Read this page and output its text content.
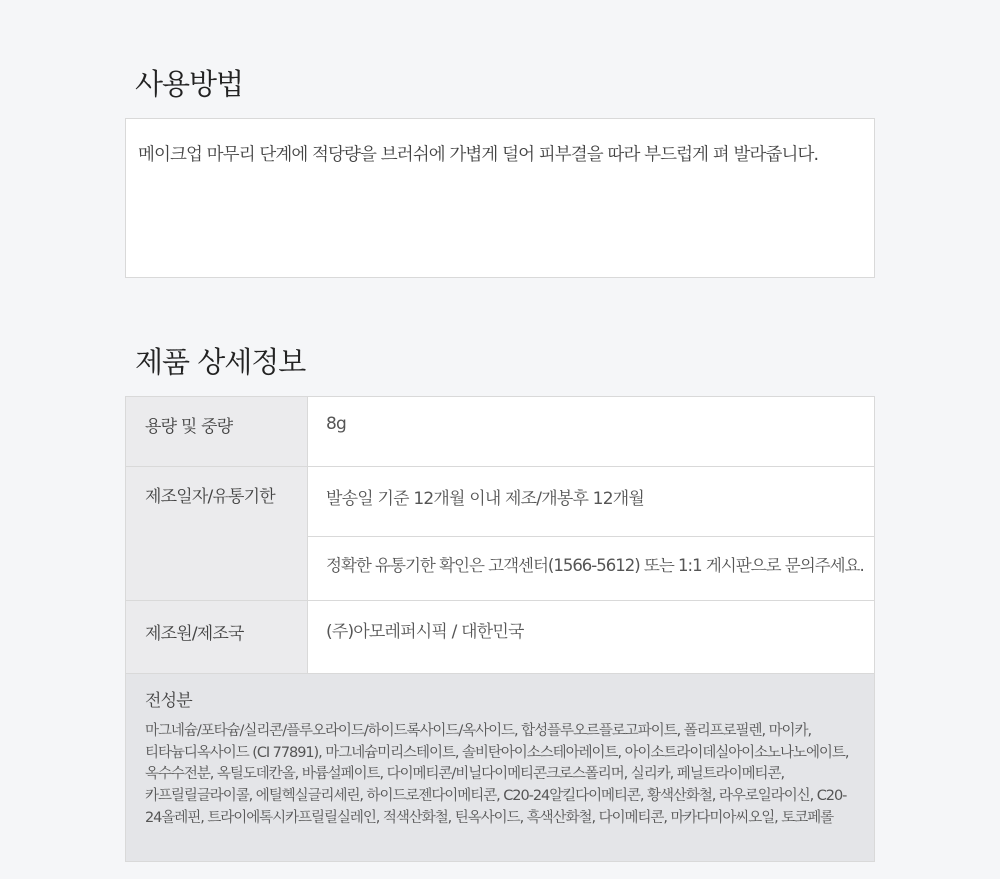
사용방법
메이크업 마무리 단계에 적당량을 브러쉬에 가볍게 덜어 피부결을 따라 부드럽게 펴 발라줍니다.
제품 상세정보
용량 및 중량	8g
제조일자/유통기한	발송일 기준 12개월 이내 제조/개봉후 12개월
	정확한 유통기한 확인은 고객센터(1566-5612) 또는 1:1 게시판으로 문의주세요.
제조원/제조국	(주)아모레퍼시픽 / 대한민국

전성분
마그네슘/포타슘/실리콘/플루오라이드/하이드록사이드/옥사이드, 합성플루오르플로고파이트, 폴리프로필렌, 마이카, 티타늄디옥사이드 (CI 77891), 마그네슘미리스테이트, 솔비탄아이소스테아레이트, 아이소트라이데실아이소노나노에이트, 옥수수전분, 옥틸도데칸올, 바륨설페이트, 다이메티콘/비닐다이메티콘크로스폴리머, 실리카, 페닐트라이메티콘, 카프릴릴글라이콜, 에틸헥실글리세린, 하이드로젠다이메티콘, C20-24알킬다이메티콘, 황색산화철, 라우로일라이신, C20-24올레핀, 트라이에톡시카프릴릴실레인, 적색산화철, 틴옥사이드, 흑색산화철, 다이메티콘, 마카다미아씨오일, 토코페롤	
